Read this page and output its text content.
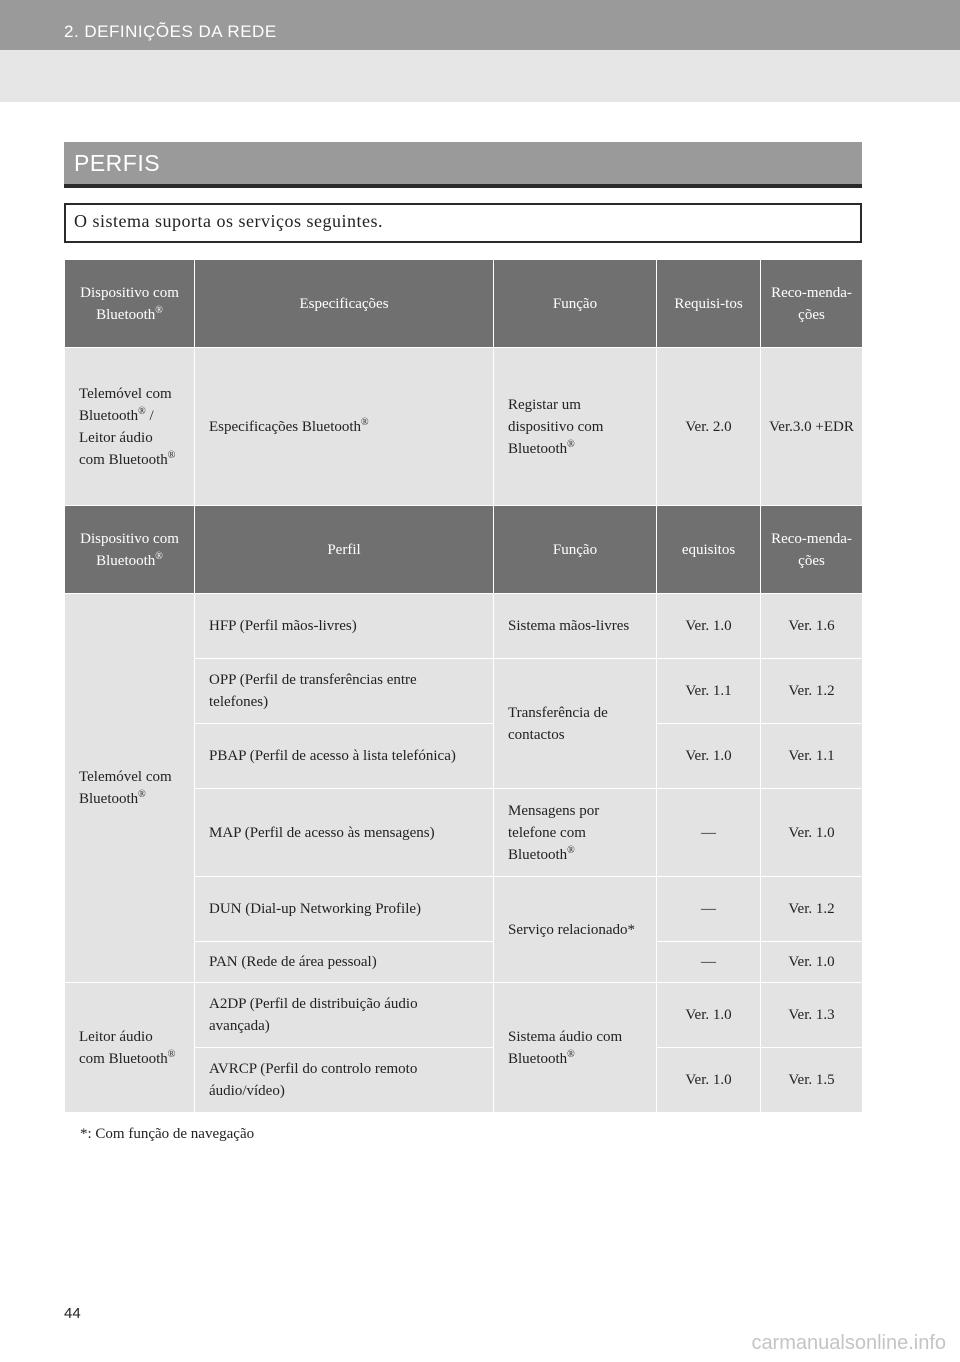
2. DEFINIÇÕES DA REDE
PERFIS
O sistema suporta os serviços seguintes.
Dispositivo com Bluetooth®	Especificações	Função	Requisi-tos	Reco-menda-ções
Telemóvel com Bluetooth® / Leitor áudio com Bluetooth®	Especificações Bluetooth®	Registar um dispositivo com Bluetooth®	Ver. 2.0	Ver.3.0 +EDR
Dispositivo com Bluetooth®	Perfil	Função	equisitos	Reco-menda-ções
Telemóvel com Bluetooth®	HFP (Perfil mãos-livres)	Sistema mãos-livres	Ver. 1.0	Ver. 1.6
	OPP (Perfil de transferências entre telefones)	Transferência de contactos	Ver. 1.1	Ver. 1.2
	PBAP (Perfil de acesso à lista telefónica)		Ver. 1.0	Ver. 1.1
	MAP (Perfil de acesso às mensagens)	Mensagens por telefone com Bluetooth®	—	Ver. 1.0
	DUN (Dial-up Networking Profile)	Serviço relacionado*	—	Ver. 1.2
	PAN (Rede de área pessoal)		—	Ver. 1.0
Leitor áudio com Bluetooth®	A2DP (Perfil de distribuição áudio avançada)	Sistema áudio com Bluetooth®	Ver. 1.0	Ver. 1.3
	AVRCP (Perfil do controlo remoto áudio/vídeo)		Ver. 1.0	Ver. 1.5
*: Com função de navegação
44
carmanualsonline.info
